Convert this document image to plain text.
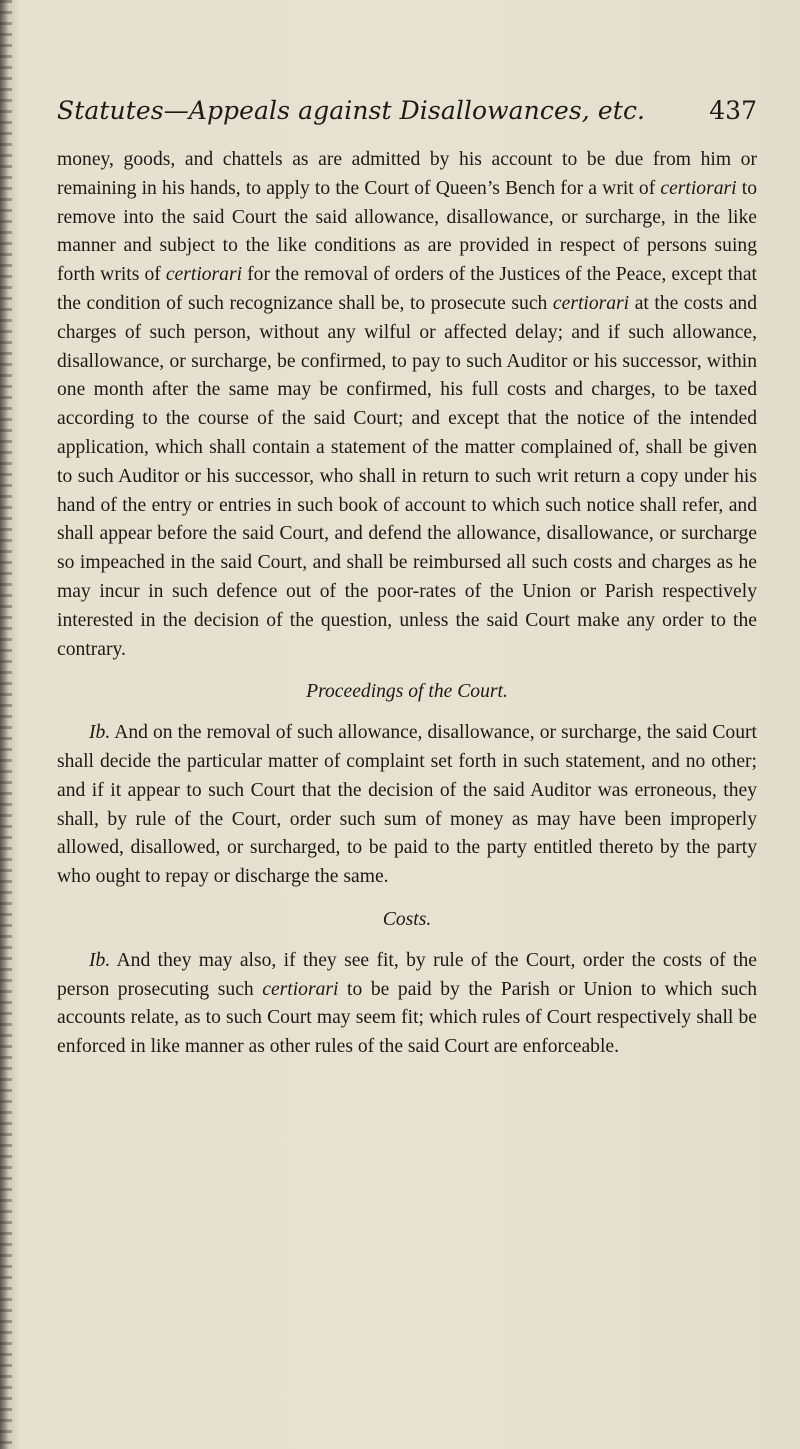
Statutes—Appeals against Disallowances, etc.	437

money, goods, and chattels as are admitted by his account to be due from him or remaining in his hands, to apply to the Court of Queen’s Bench for a writ of certiorari to remove into the said Court the said allowance, disallowance, or surcharge, in the like manner and subject to the like conditions as are provided in respect of persons suing forth writs of certiorari for the removal of orders of the Justices of the Peace, except that the condition of such recognizance shall be, to prosecute such certiorari at the costs and charges of such person, without any wilful or affected delay; and if such allowance, disallowance, or surcharge, be confirmed, to pay to such Auditor or his successor, within one month after the same may be confirmed, his full costs and charges, to be taxed according to the course of the said Court; and except that the notice of the intended application, which shall contain a statement of the matter complained of, shall be given to such Auditor or his successor, who shall in return to such writ return a copy under his hand of the entry or entries in such book of account to which such notice shall refer, and shall appear before the said Court, and defend the allowance, disallowance, or surcharge so impeached in the said Court, and shall be reimbursed all such costs and charges as he may incur in such defence out of the poor-rates of the Union or Parish respectively interested in the decision of the question, unless the said Court make any order to the contrary.

Proceedings of the Court.

Ib. And on the removal of such allowance, disallowance, or surcharge, the said Court shall decide the particular matter of complaint set forth in such statement, and no other; and if it appear to such Court that the decision of the said Auditor was erroneous, they shall, by rule of the Court, order such sum of money as may have been improperly allowed, disallowed, or surcharged, to be paid to the party entitled thereto by the party who ought to repay or discharge the same.

Costs.

Ib. And they may also, if they see fit, by rule of the Court, order the costs of the person prosecuting such certiorari to be paid by the Parish or Union to which such accounts relate, as to such Court may seem fit; which rules of Court respectively shall be enforced in like manner as other rules of the said Court are enforceable.
